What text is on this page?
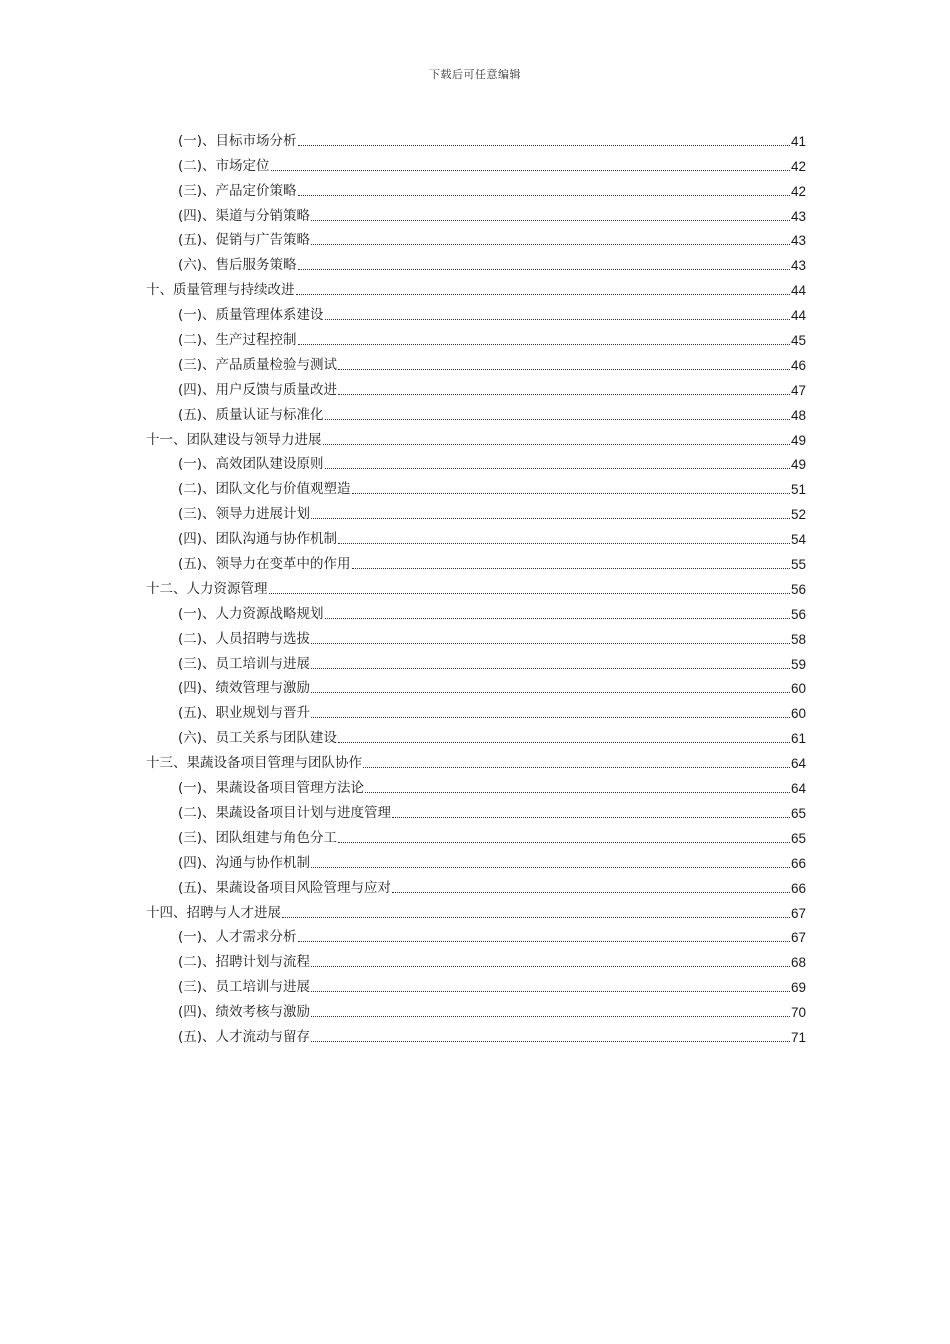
下载后可任意编辑
(一)、目标市场分析	41
(二)、市场定位	42
(三)、产品定价策略	42
(四)、渠道与分销策略	43
(五)、促销与广告策略	43
(六)、售后服务策略	43
十、质量管理与持续改进	44
(一)、质量管理体系建设	44
(二)、生产过程控制	45
(三)、产品质量检验与测试	46
(四)、用户反馈与质量改进	47
(五)、质量认证与标准化	48
十一、团队建设与领导力进展	49
(一)、高效团队建设原则	49
(二)、团队文化与价值观塑造	51
(三)、领导力进展计划	52
(四)、团队沟通与协作机制	54
(五)、领导力在变革中的作用	55
十二、人力资源管理	56
(一)、人力资源战略规划	56
(二)、人员招聘与选拔	58
(三)、员工培训与进展	59
(四)、绩效管理与激励	60
(五)、职业规划与晋升	60
(六)、员工关系与团队建设	61
十三、果蔬设备项目管理与团队协作	64
(一)、果蔬设备项目管理方法论	64
(二)、果蔬设备项目计划与进度管理	65
(三)、团队组建与角色分工	65
(四)、沟通与协作机制	66
(五)、果蔬设备项目风险管理与应对	66
十四、招聘与人才进展	67
(一)、人才需求分析	67
(二)、招聘计划与流程	68
(三)、员工培训与进展	69
(四)、绩效考核与激励	70
(五)、人才流动与留存	71
